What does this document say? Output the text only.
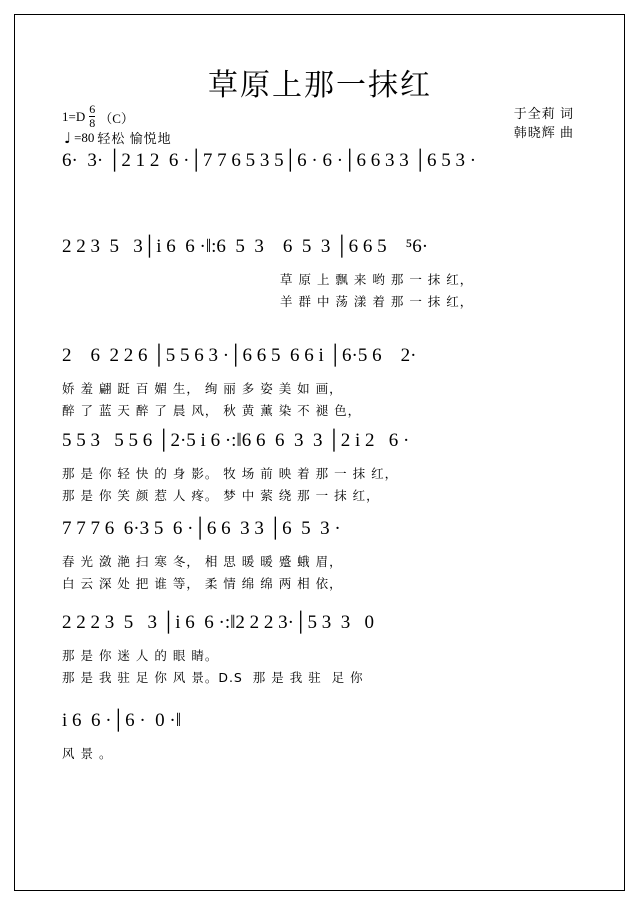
草原上那一抹红
$1=D \frac{6}{8} (C)$
♩ =80 轻松 愉悦地
于全莉 词
韩晓辉 曲
6·  3· │2 1 2  6 ·│7 7 6 5 3 5│6 · 6 ·│6 6 3 3 │6 5 3 ·
2 2 3  5   3│i 6  6 ·‖:6  5  3    6  5  3 │6 6 5    ⁵6·
草 原 上 飘 来 哟 那 一 抹 红，
羊 群 中 荡 漾 着 那 一 抹 红，
2    6  2 2 6 │5 5 6 3 ·│6 6 5  6 6 i │6·5 6    2·
娇 羞 翩 跹 百 媚 生， 绚 丽 多 姿 美 如 画，
醉 了 蓝 天 醉 了 晨 风， 秋 黄 薰 染 不 褪 色，
5 5 3   5 5 6 │2·5 i 6 ·:‖6 6  6  3  3 │2 i 2   6 ·
那 是 你 轻 快 的 身 影。 牧 场 前 映 着 那 一 抹 红，
那 是 你 笑 颜 惹 人 疼。 梦 中 萦 绕 那 一 抹 红，
7 7 7 6  6·3 5  6 ·│6 6  3 3 │6  5  3 ·
春 光 潋 滟 扫 寒 冬， 相 思 暖 暖 蹙 蛾 眉，
白 云 深 处 把 谁 等， 柔 情 绵 绵 两 相 依，
2 2 2 3  5   3 │i 6  6 ·:‖2 2 2 3·│5 3  3   0
那 是 你 迷 人 的 眼 睛。
那 是 我 驻 足 你 风 景。D.S  那 是 我 驻  足 你
i 6  6 ·│6 ·  0 ·‖
风 景 。
